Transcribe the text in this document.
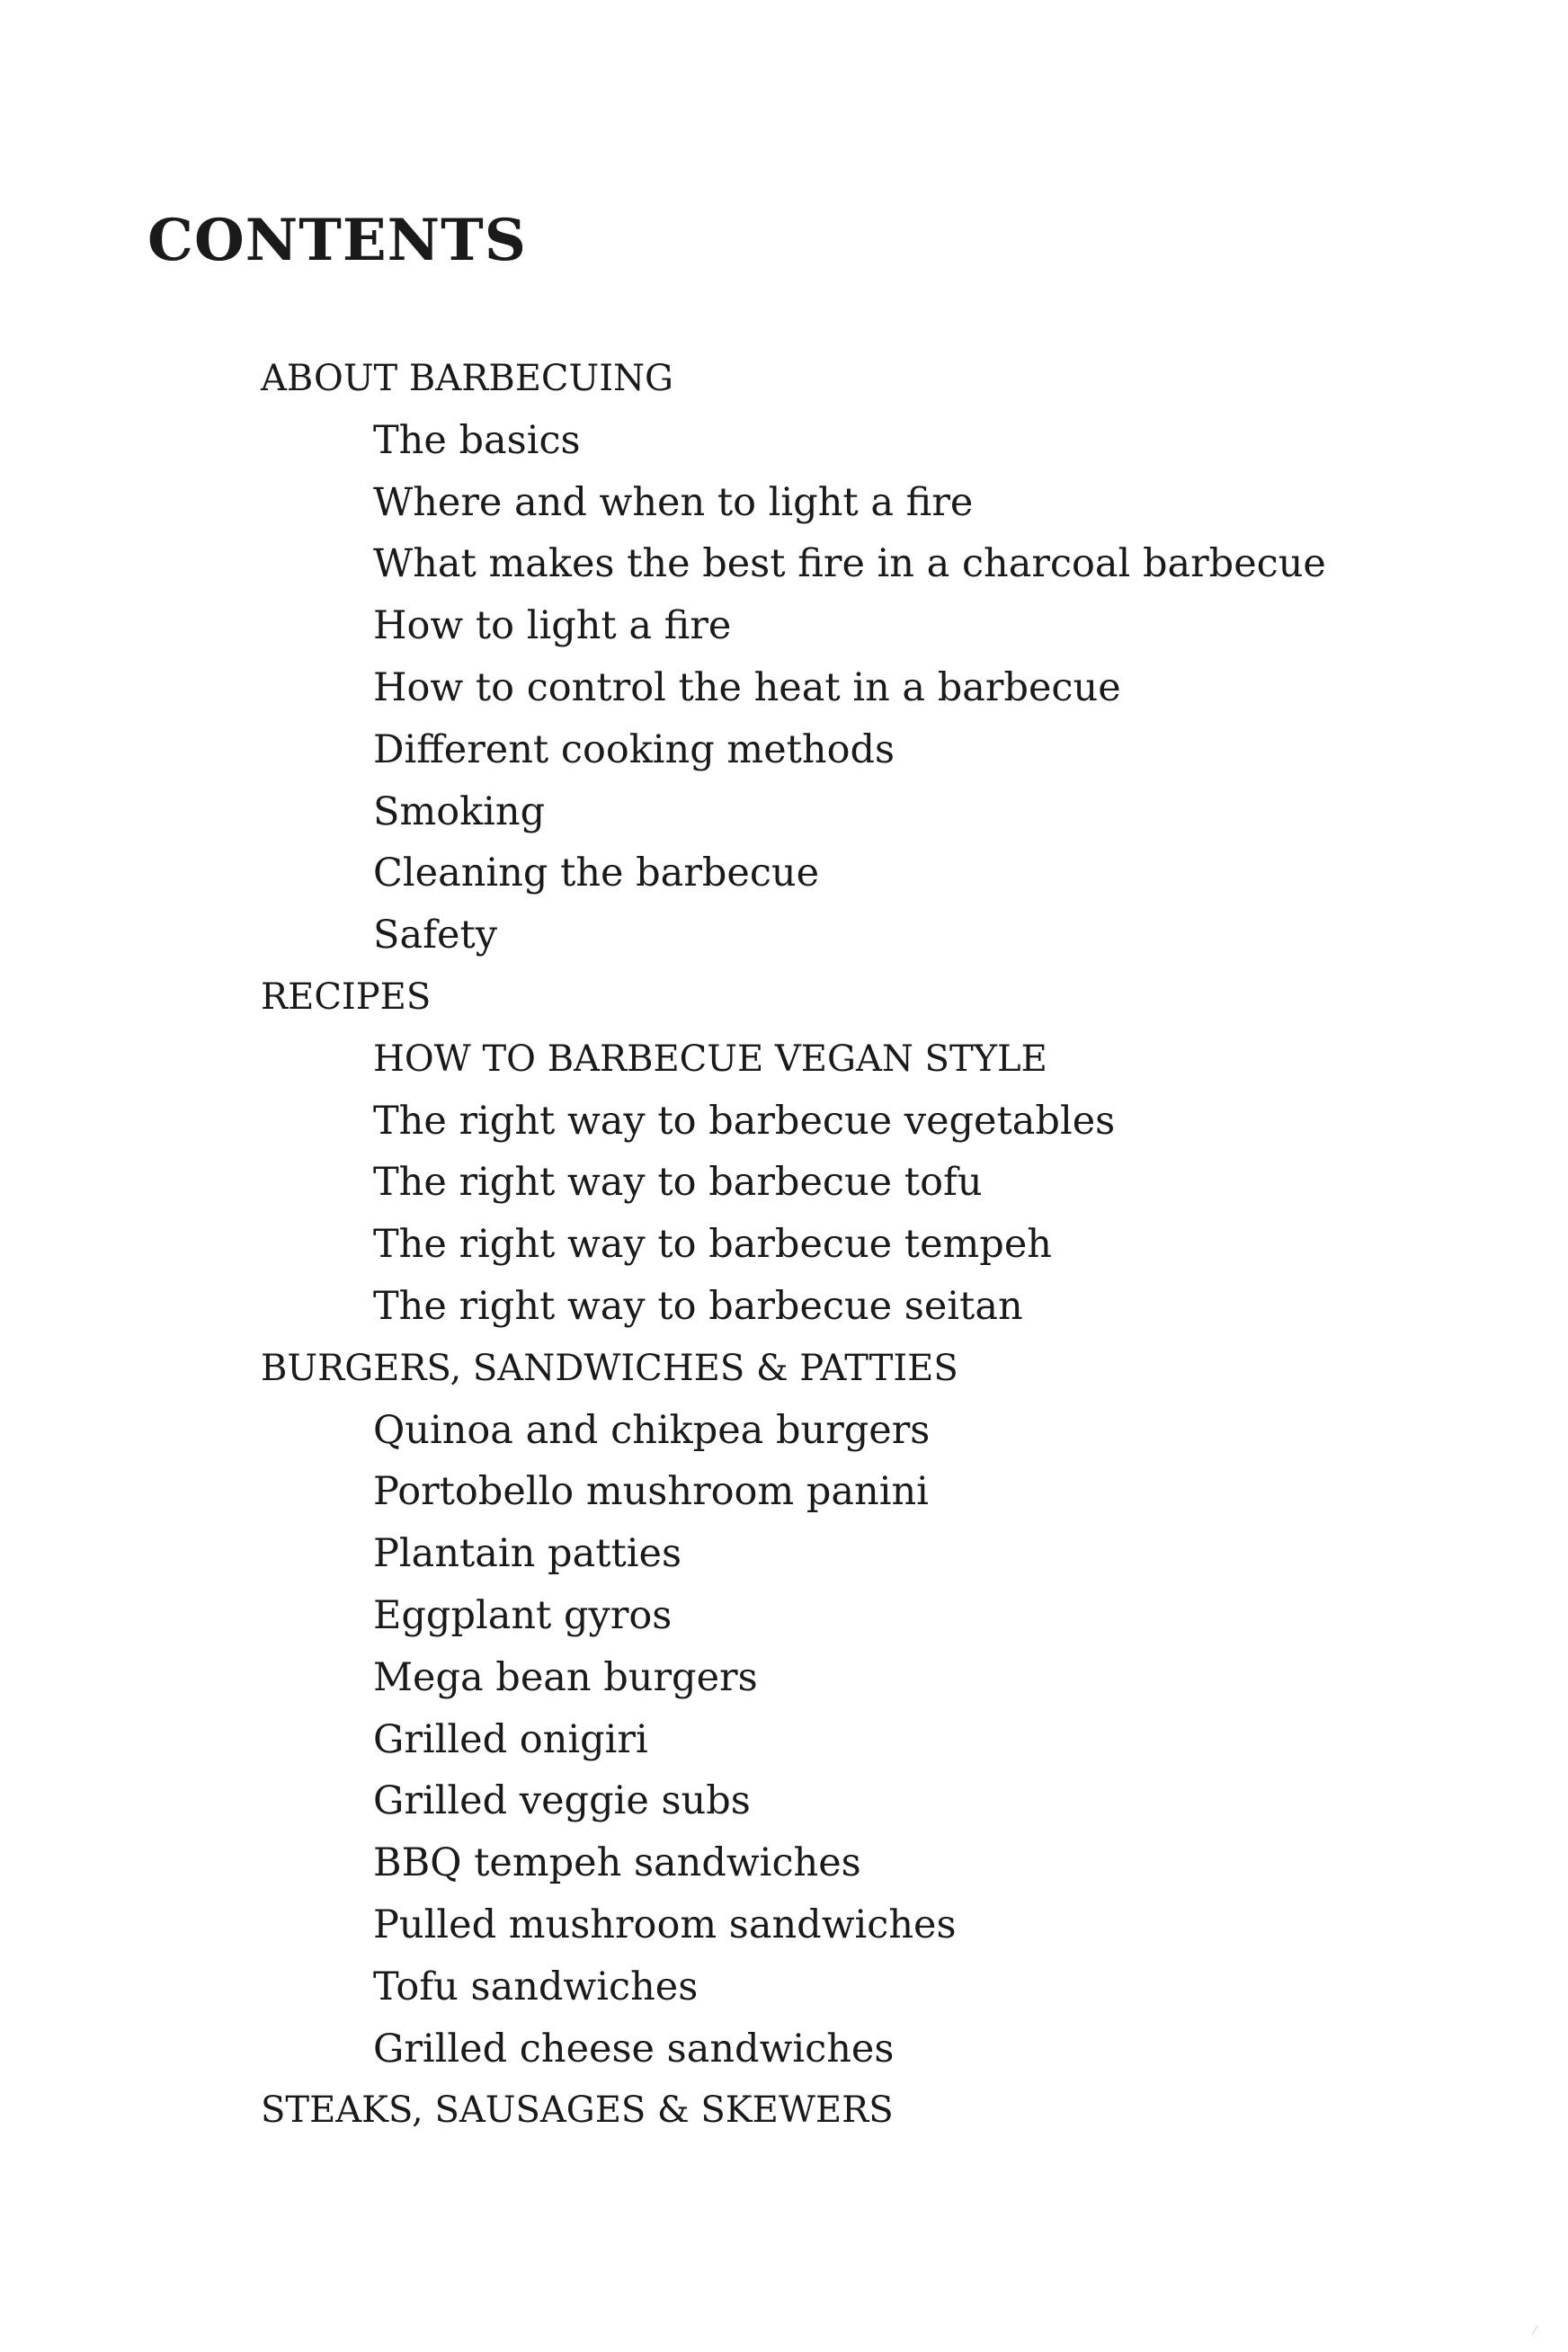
CONTENTS
ABOUT BARBECUING
The basics
Where and when to light a fire
What makes the best fire in a charcoal barbecue
How to light a fire
How to control the heat in a barbecue
Different cooking methods
Smoking
Cleaning the barbecue
Safety
RECIPES
HOW TO BARBECUE VEGAN STYLE
The right way to barbecue vegetables
The right way to barbecue tofu
The right way to barbecue tempeh
The right way to barbecue seitan
BURGERS, SANDWICHES & PATTIES
Quinoa and chikpea burgers
Portobello mushroom panini
Plantain patties
Eggplant gyros
Mega bean burgers
Grilled onigiri
Grilled veggie subs
BBQ tempeh sandwiches
Pulled mushroom sandwiches
Tofu sandwiches
Grilled cheese sandwiches
STEAKS, SAUSAGES & SKEWERS
⁄
